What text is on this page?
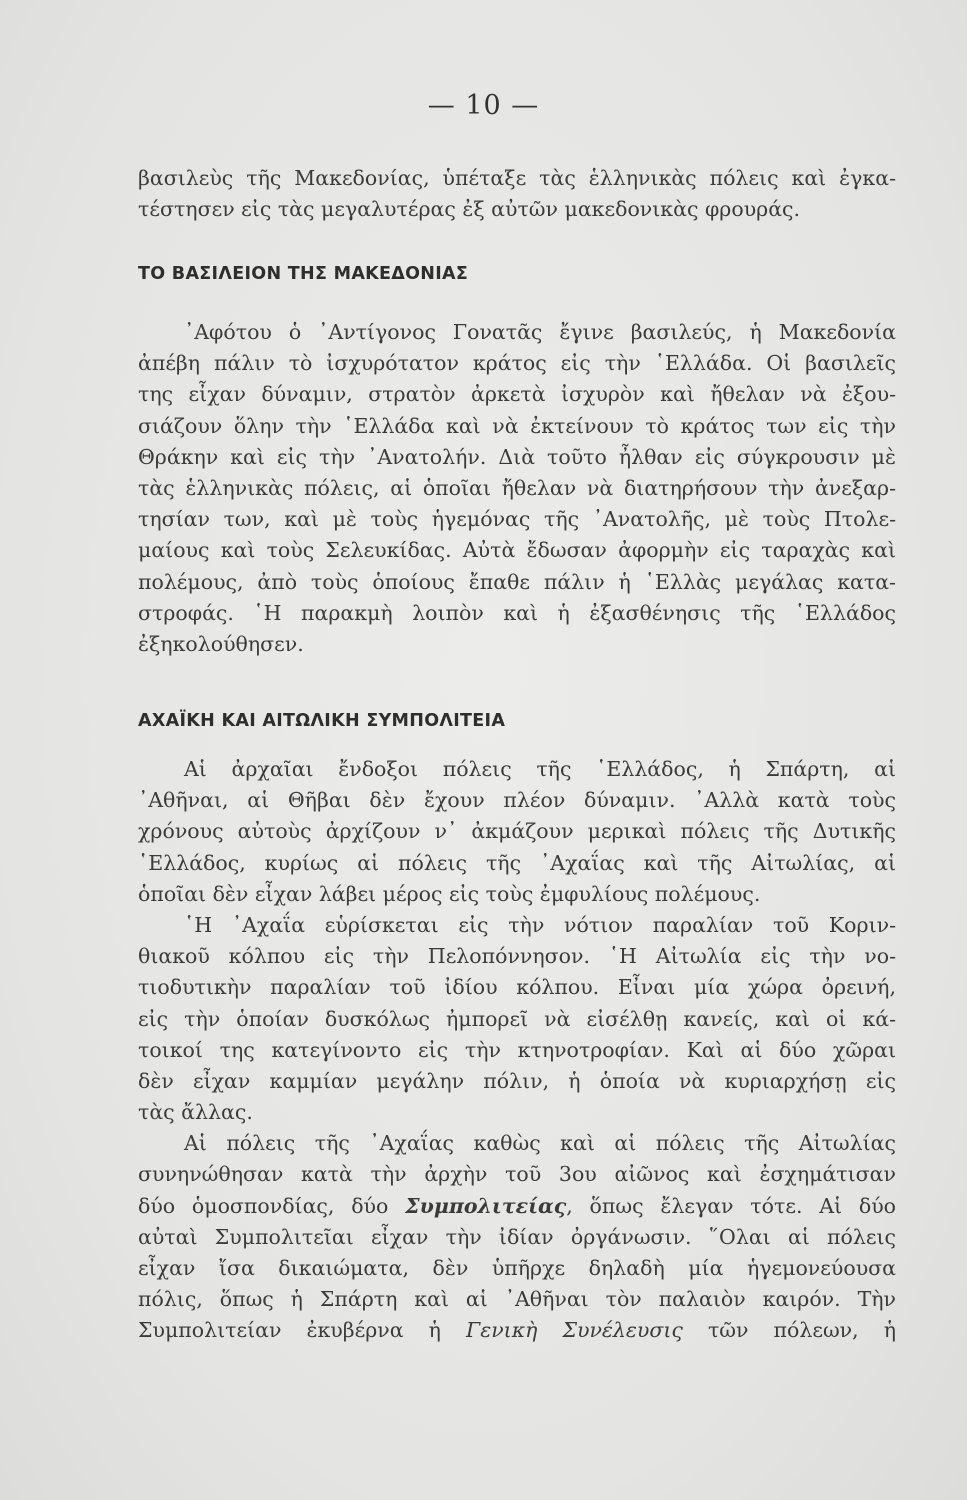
— 10 —
βασιλεὺς τῆς Μακεδονίας, ὑπέταξε τὰς ἑλληνικὰς πόλεις καὶ ἐγκα-
τέστησεν εἰς τὰς μεγαλυτέρας ἐξ αὐτῶν μακεδονικὰς φρουράς.
ΤΟ ΒΑΣΙΛΕΙΟΝ ΤΗΣ ΜΑΚΕΔΟΝΙΑΣ
᾿Αφότου ὁ ᾿Αντίγονος Γονατᾶς ἔγινε βασιλεύς, ἡ Μακεδονία
ἀπέβη πάλιν τὸ ἰσχυρότατον κράτος εἰς τὴν ῾Ελλάδα. Οἱ βασιλεῖς
της εἶχαν δύναμιν, στρατὸν ἀρκετὰ ἰσχυρὸν καὶ ἤθελαν νὰ ἐξου-
σιάζουν ὅλην τὴν ῾Ελλάδα καὶ νὰ ἐκτείνουν τὸ κράτος των εἰς τὴν
Θράκην καὶ εἰς τὴν ᾿Ανατολήν. Διὰ τοῦτο ἦλθαν εἰς σύγκρουσιν μὲ
τὰς ἑλληνικὰς πόλεις, αἱ ὁποῖαι ἤθελαν νὰ διατηρήσουν τὴν ἀνεξαρ-
τησίαν των, καὶ μὲ τοὺς ἡγεμόνας τῆς ᾿Ανατολῆς, μὲ τοὺς Πτολε-
μαίους καὶ τοὺς Σελευκίδας. Αὐτὰ ἔδωσαν ἀφορμὴν εἰς ταραχὰς καὶ
πολέμους, ἀπὸ τοὺς ὁποίους ἔπαθε πάλιν ἡ ῾Ελλὰς μεγάλας κατα-
στροφάς. ῾Η παρακμὴ λοιπὸν καὶ ἡ ἐξασθένησις τῆς ῾Ελλάδος
ἐξηκολούθησεν.
ΑΧΑΪΚΗ ΚΑΙ ΑΙΤΩΛΙΚΗ ΣΥΜΠΟΛΙΤΕΙΑ
Αἱ ἀρχαῖαι ἔνδοξοι πόλεις τῆς ῾Ελλάδος, ἡ Σπάρτη, αἱ
᾿Αθῆναι, αἱ Θῆβαι δὲν ἔχουν πλέον δύναμιν. ᾿Αλλὰ κατὰ τοὺς
χρόνους αὐτοὺς ἀρχίζουν ν᾿ ἀκμάζουν μερικαὶ πόλεις τῆς Δυτικῆς
῾Ελλάδος, κυρίως αἱ πόλεις τῆς ᾿Αχαΐας καὶ τῆς Αἰτωλίας, αἱ
ὁποῖαι δὲν εἶχαν λάβει μέρος εἰς τοὺς ἐμφυλίους πολέμους.
῾Η ᾿Αχαΐα εὑρίσκεται εἰς τὴν νότιον παραλίαν τοῦ Κοριν-
θιακοῦ κόλπου εἰς τὴν Πελοπόννησον. ῾Η Αἰτωλία εἰς τὴν νο-
τιοδυτικὴν παραλίαν τοῦ ἰδίου κόλπου. Εἶναι μία χώρα ὀρεινή,
εἰς τὴν ὁποίαν δυσκόλως ἠμπορεῖ νὰ εἰσέλθῃ κανείς, καὶ οἱ κά-
τοικοί της κατεγίνοντο εἰς τὴν κτηνοτροφίαν. Καὶ αἱ δύο χῶραι
δὲν εἶχαν καμμίαν μεγάλην πόλιν, ἡ ὁποία νὰ κυριαρχήσῃ εἰς
τὰς ἄλλας.
Αἱ πόλεις τῆς ᾿Αχαΐας καθὼς καὶ αἱ πόλεις τῆς Αἰτωλίας
συνηνώθησαν κατὰ τὴν ἀρχὴν τοῦ 3ου αἰῶνος καὶ ἐσχημάτισαν
δύο ὁμοσπονδίας, δύο Συμπολιτείας, ὅπως ἔλεγαν τότε. Αἱ δύο
αὐταὶ Συμπολιτεῖαι εἶχαν τὴν ἰδίαν ὀργάνωσιν. ῞Ολαι αἱ πόλεις
εἶχαν ἴσα δικαιώματα, δὲν ὑπῆρχε δηλαδὴ μία ἡγεμονεύουσα
πόλις, ὅπως ἡ Σπάρτη καὶ αἱ ᾿Αθῆναι τὸν παλαιὸν καιρόν. Τὴν
Συμπολιτείαν ἐκυβέρνα ἡ Γενικὴ Συνέλευσις τῶν πόλεων, ἡ
